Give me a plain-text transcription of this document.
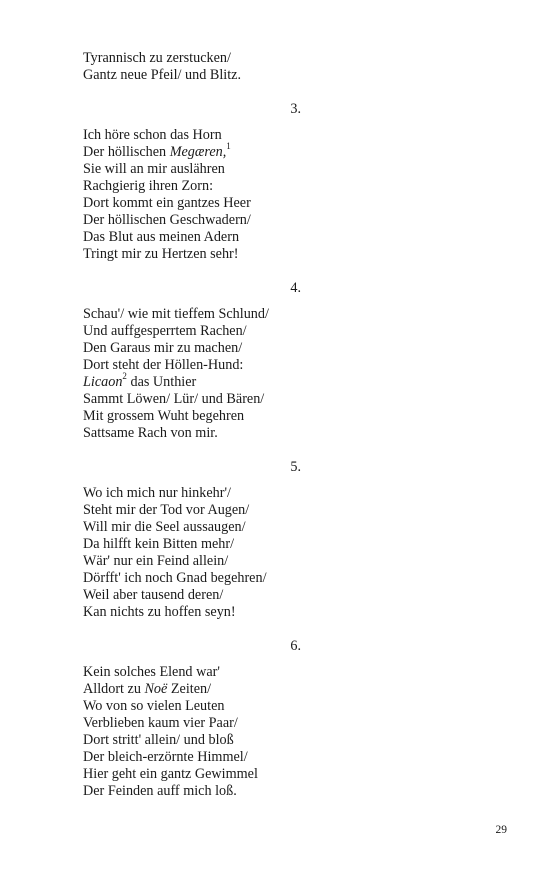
Tyrannisch zu zerstucken/
Gantz neue Pfeil/ und Blitz.
3.
Ich höre schon das Horn
Der höllischen Megæren,$^1$
Sie will an mir auslähren
Rachgierig ihren Zorn:
Dort kommt ein gantzes Heer
Der höllischen Geschwadern/
Das Blut aus meinen Adern
Tringt mir zu Hertzen sehr!
4.
Schau'/ wie mit tieffem Schlund/
Und auffgesperrtem Rachen/
Den Garaus mir zu machen/
Dort steht der Höllen-Hund:
Licaon$^2$ das Unthier
Sammt Löwen/ Lür/ und Bären/
Mit grossem Wuht begehren
Sattsame Rach von mir.
5.
Wo ich mich nur hinkehr'/
Steht mir der Tod vor Augen/
Will mir die Seel aussaugen/
Da hilfft kein Bitten mehr/
Wär' nur ein Feind allein/
Dörfft' ich noch Gnad begehren/
Weil aber tausend deren/
Kan nichts zu hoffen seyn!
6.
Kein solches Elend war'
Alldort zu Noë Zeiten/
Wo von so vielen Leuten
Verblieben kaum vier Paar/
Dort stritt' allein/ und bloß
Der bleich-erzörnte Himmel/
Hier geht ein gantz Gewimmel
Der Feinden auff mich loß.
29
